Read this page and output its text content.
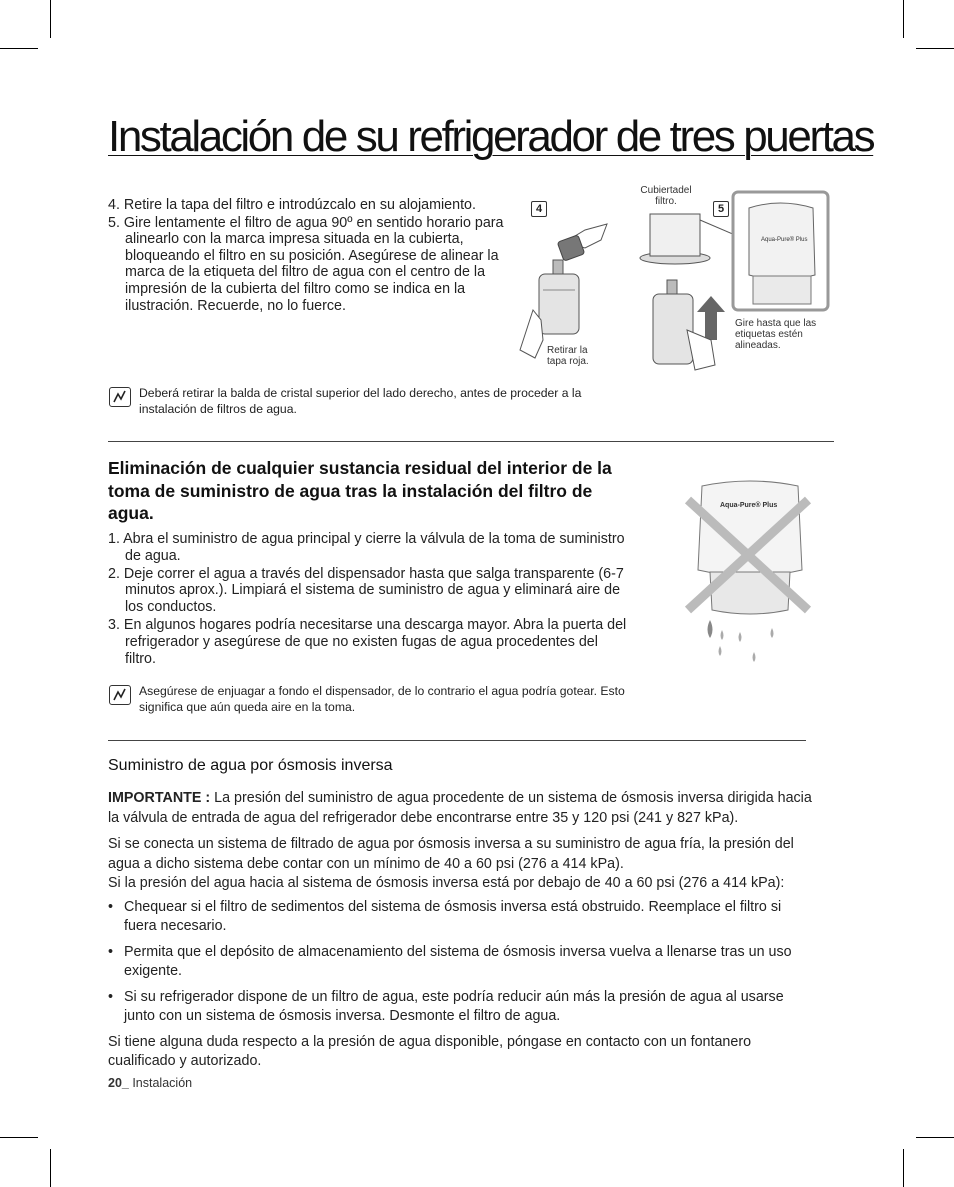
Instalación de su refrigerador de tres puertas
4. Retire la tapa del filtro e introdúzcalo en su alojamiento.
5. Gire lentamente el filtro de agua 90º en sentido horario para alinearlo con la marca impresa situada en la cubierta, bloqueando el filtro en su posición. Asegúrese de alinear la marca de la etiqueta del filtro de agua con el centro de la impresión de la cubierta del filtro como se indica en la ilustración. Recuerde, no lo fuerce.
4	5
Cubiertadel filtro.
Retirar la tapa roja.
Gire hasta que las etiquetas estén alineadas.
Aqua-Pure® Plus
Deberá retirar la balda de cristal superior del lado derecho, antes de proceder a la instalación de filtros de agua.
Eliminación de cualquier sustancia residual del interior de la toma de suministro de agua tras la instalación del filtro de agua.
1. Abra el suministro de agua principal y cierre la válvula de la toma de suministro de agua.
2. Deje correr el agua a través del dispensador hasta que salga transparente (6-7 minutos aprox.). Limpiará el sistema de suministro de agua y eliminará aire de los conductos.
3. En algunos hogares podría necesitarse una descarga mayor. Abra la puerta del refrigerador y asegúrese de que no existen fugas de agua procedentes del filtro.
Aqua-Pure® Plus
Asegúrese de enjuagar a fondo el dispensador, de lo contrario el agua podría gotear. Esto significa que aún queda aire en la toma.
Suministro de agua por ósmosis inversa

IMPORTANTE : La presión del suministro de agua procedente de un sistema de ósmosis inversa dirigida hacia la válvula de entrada de agua del refrigerador debe encontrarse entre 35 y 120 psi (241 y 827 kPa).

Si se conecta un sistema de filtrado de agua por ósmosis inversa a su suministro de agua fría, la presión del agua a dicho sistema debe contar con un mínimo de 40 a 60 psi (276 a 414 kPa).

Si la presión del agua hacia al sistema de ósmosis inversa está por debajo de 40 a 60 psi (276 a 414 kPa):

• Chequear si el filtro de sedimentos del sistema de ósmosis inversa está obstruido. Reemplace el filtro si fuera necesario.
• Permita que el depósito de almacenamiento del sistema de ósmosis inversa vuelva a llenarse tras un uso exigente.
• Si su refrigerador dispone de un filtro de agua, este podría reducir aún más la presión de agua al usarse junto con un sistema de ósmosis inversa. Desmonte el filtro de agua.

Si tiene alguna duda respecto a la presión de agua disponible, póngase en contacto con un fontanero cualificado y autorizado.

20_ Instalación
